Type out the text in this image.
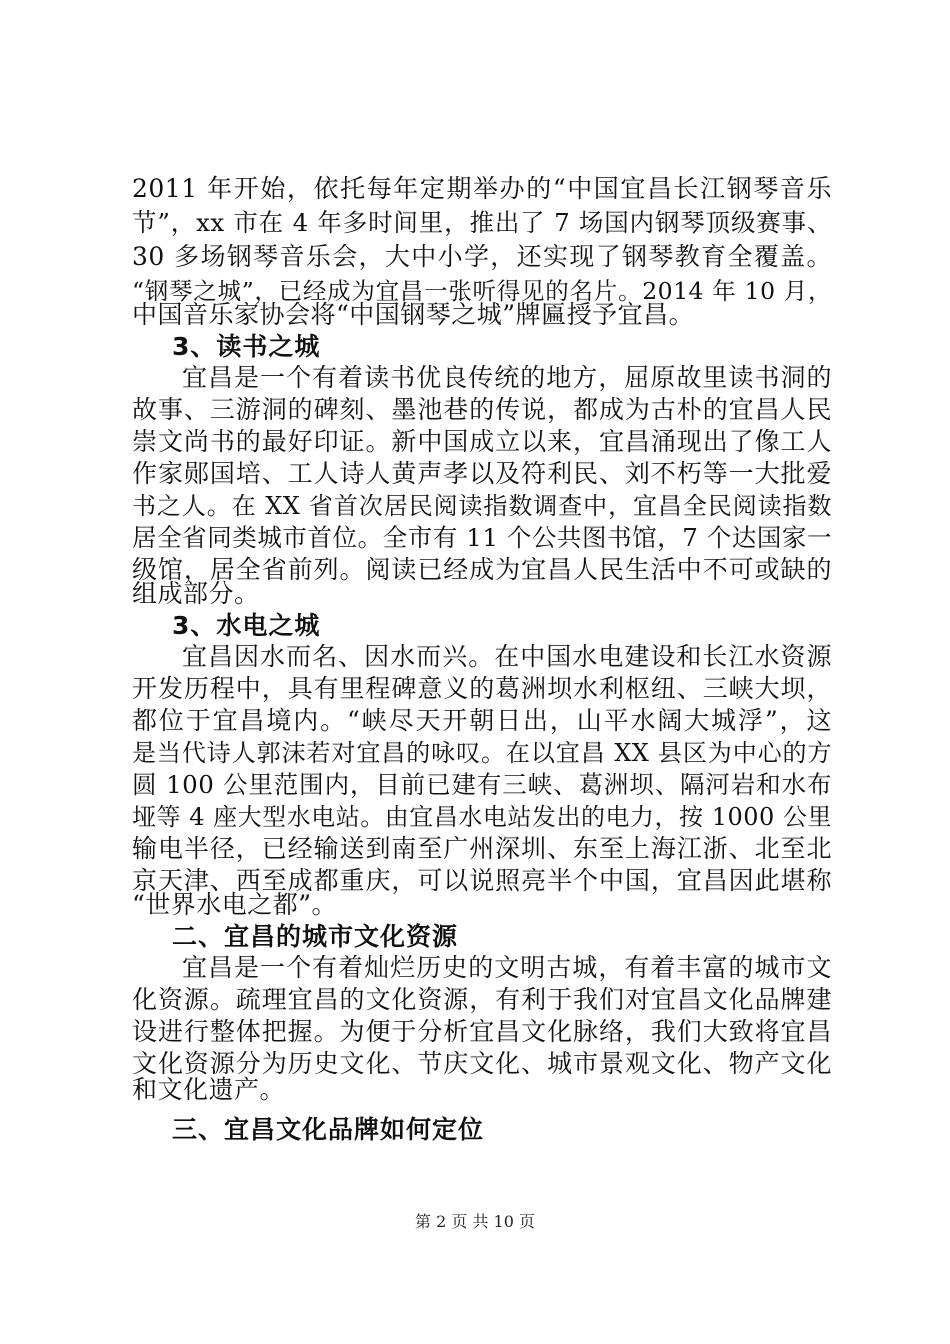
2011 年开始，依托每年定期举办的“中国宜昌长江钢琴音乐
节”，xx 市在 4 年多时间里，推出了 7 场国内钢琴顶级赛事、
30 多场钢琴音乐会，大中小学，还实现了钢琴教育全覆盖。
“钢琴之城”，已经成为宜昌一张听得见的名片。2014 年 10 月，
中国音乐家协会将“中国钢琴之城”牌匾授予宜昌。
3、读书之城
宜昌是一个有着读书优良传统的地方，屈原故里读书洞的
故事、三游洞的碑刻、墨池巷的传说，都成为古朴的宜昌人民
崇文尚书的最好印证。新中国成立以来，宜昌涌现出了像工人
作家郧国培、工人诗人黄声孝以及符利民、刘不朽等一大批爱
书之人。在 XX 省首次居民阅读指数调查中，宜昌全民阅读指数
居全省同类城市首位。全市有 11 个公共图书馆，7 个达国家一
级馆，居全省前列。阅读已经成为宜昌人民生活中不可或缺的
组成部分。
3、水电之城
宜昌因水而名、因水而兴。在中国水电建设和长江水资源
开发历程中，具有里程碑意义的葛洲坝水利枢纽、三峡大坝，
都位于宜昌境内。“峡尽天开朝日出，山平水阔大城浮”，这
是当代诗人郭沫若对宜昌的咏叹。在以宜昌 XX 县区为中心的方
圆 100 公里范围内，目前已建有三峡、葛洲坝、隔河岩和水布
垭等 4 座大型水电站。由宜昌水电站发出的电力，按 1000 公里
输电半径，已经输送到南至广州深圳、东至上海江浙、北至北
京天津、西至成都重庆，可以说照亮半个中国，宜昌因此堪称
“世界水电之都”。
二、宜昌的城市文化资源
宜昌是一个有着灿烂历史的文明古城，有着丰富的城市文
化资源。疏理宜昌的文化资源，有利于我们对宜昌文化品牌建
设进行整体把握。为便于分析宜昌文化脉络，我们大致将宜昌
文化资源分为历史文化、节庆文化、城市景观文化、物产文化
和文化遗产。
三、宜昌文化品牌如何定位
第 2 页 共 10 页
